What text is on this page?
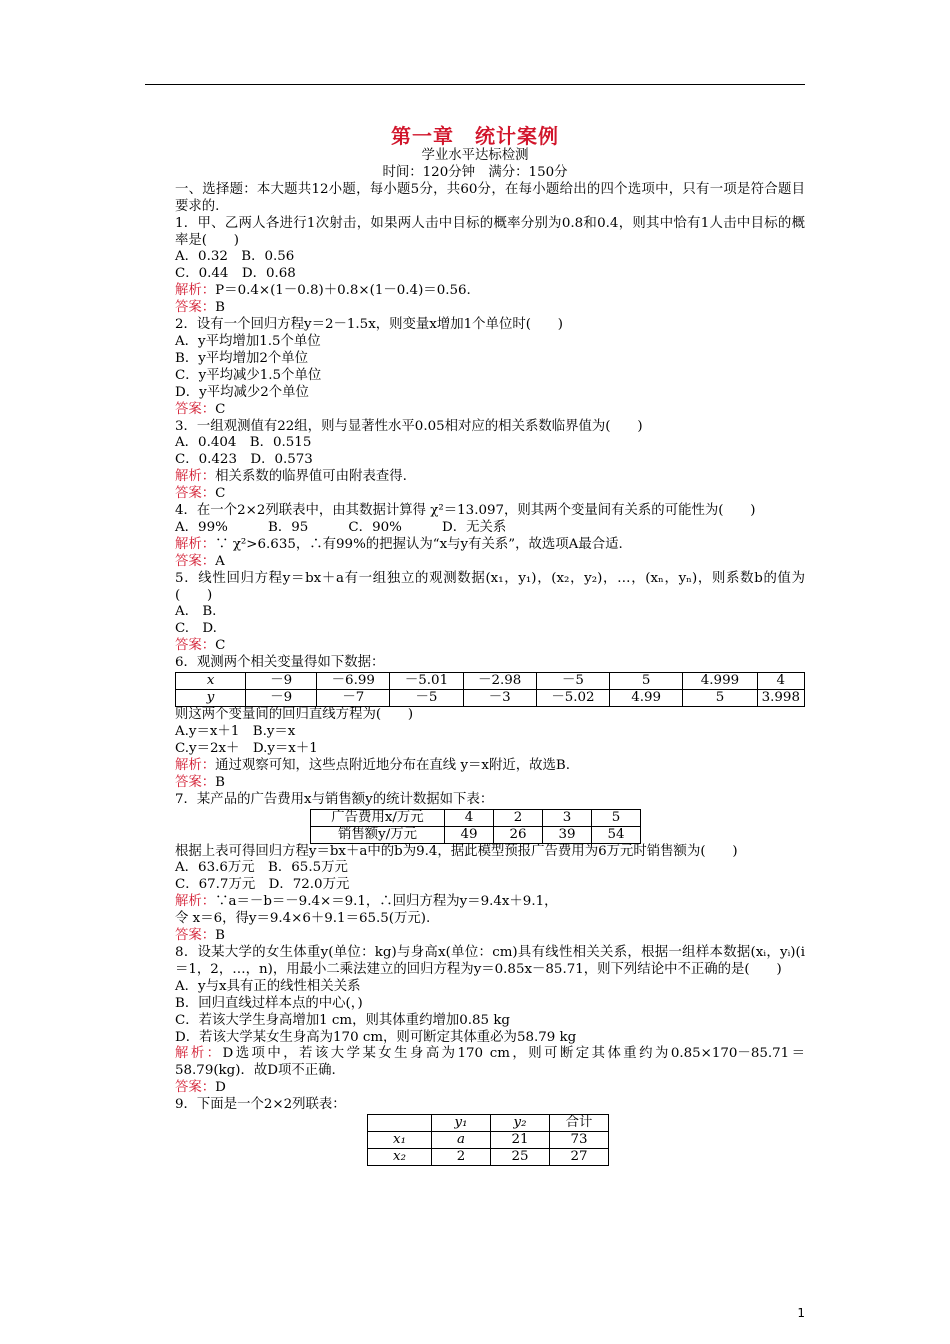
第一章　统计案例
学业水平达标检测
时间：120分钟　满分：150分
一、选择题：本大题共12小题，每小题5分，共60分，在每小题给出的四个选项中，只有一项是符合题目要求的.
1．甲、乙两人各进行1次射击，如果两人击中目标的概率分别为0.8和0.4，则其中恰有1人击中目标的概率是(　　)
A．0.32　B．0.56
C．0.44　D．0.68
解析：P＝0.4×(1－0.8)＋0.8×(1－0.4)＝0.56.
答案：B
2．设有一个回归方程y＝2－1.5x，则变量x增加1个单位时(　　)
A．y平均增加1.5个单位
B．y平均增加2个单位
C．y平均减少1.5个单位
D．y平均减少2个单位
答案：C
3．一组观测值有22组，则与显著性水平0.05相对应的相关系数临界值为(　　)
A．0.404　B．0.515
C．0.423　D．0.573
解析：相关系数的临界值可由附表查得.
答案：C
4．在一个2×2列联表中，由其数据计算得 χ²＝13.097，则其两个变量间有关系的可能性为(　　)
A．99%　　　B．95　　　C．90%　　　D．无关系
解析：∵ χ²>6.635，∴有99%的把握认为“x与y有关系”，故选项A最合适.
答案：A
5．线性回归方程y＝bx＋a有一组独立的观测数据(x₁，y₁)，(x₂，y₂)，…，(xₙ，yₙ)，则系数b的值为(　　)
A.　B.
C.　D.
答案：C
6．观测两个相关变量得如下数据：
x	－9	－6.99	－5.01	－2.98	－5	5	4.999	4
y	－9	－7	－5	－3	－5.02	4.99	5	3.998
则这两个变量间的回归直线方程为(　　)
A.y＝x＋1　B.y＝x
C.y＝2x＋　D.y＝x＋1
解析：通过观察可知，这些点附近地分布在直线 y＝x附近，故选B.
答案：B
7．某产品的广告费用x与销售额y的统计数据如下表：
广告费用x/万元	4	2	3	5
销售额y/万元	49	26	39	54
根据上表可得回归方程y＝bx＋a中的b为9.4，据此模型预报广告费用为6万元时销售额为(　　)
A．63.6万元　B．65.5万元
C．67.7万元　D．72.0万元
解析：∵a＝－b＝－9.4×＝9.1，∴回归方程为y＝9.4x＋9.1，
令 x＝6，得y＝9.4×6＋9.1＝65.5(万元).
答案：B
8．设某大学的女生体重y(单位：kg)与身高x(单位：cm)具有线性相关关系，根据一组样本数据(xᵢ，yᵢ)(i＝1，2，…，n)，用最小二乘法建立的回归方程为y＝0.85x－85.71，则下列结论中不正确的是(　　)
A．y与x具有正的线性相关关系
B．回归直线过样本点的中心(，)
C．若该大学生身高增加1 cm，则其体重约增加0.85 kg
D．若该大学某女生身高为170 cm，则可断定其体重必为58.79 kg
解析：D选项中，若该大学某女生身高为170 cm，则可断定其体重约为0.85×170－85.71＝58.79(kg)．故D项不正确.
答案：D
9．下面是一个2×2列联表：
	y₁	y₂	合计
x₁	a	21	73
x₂	2	25	27
1
